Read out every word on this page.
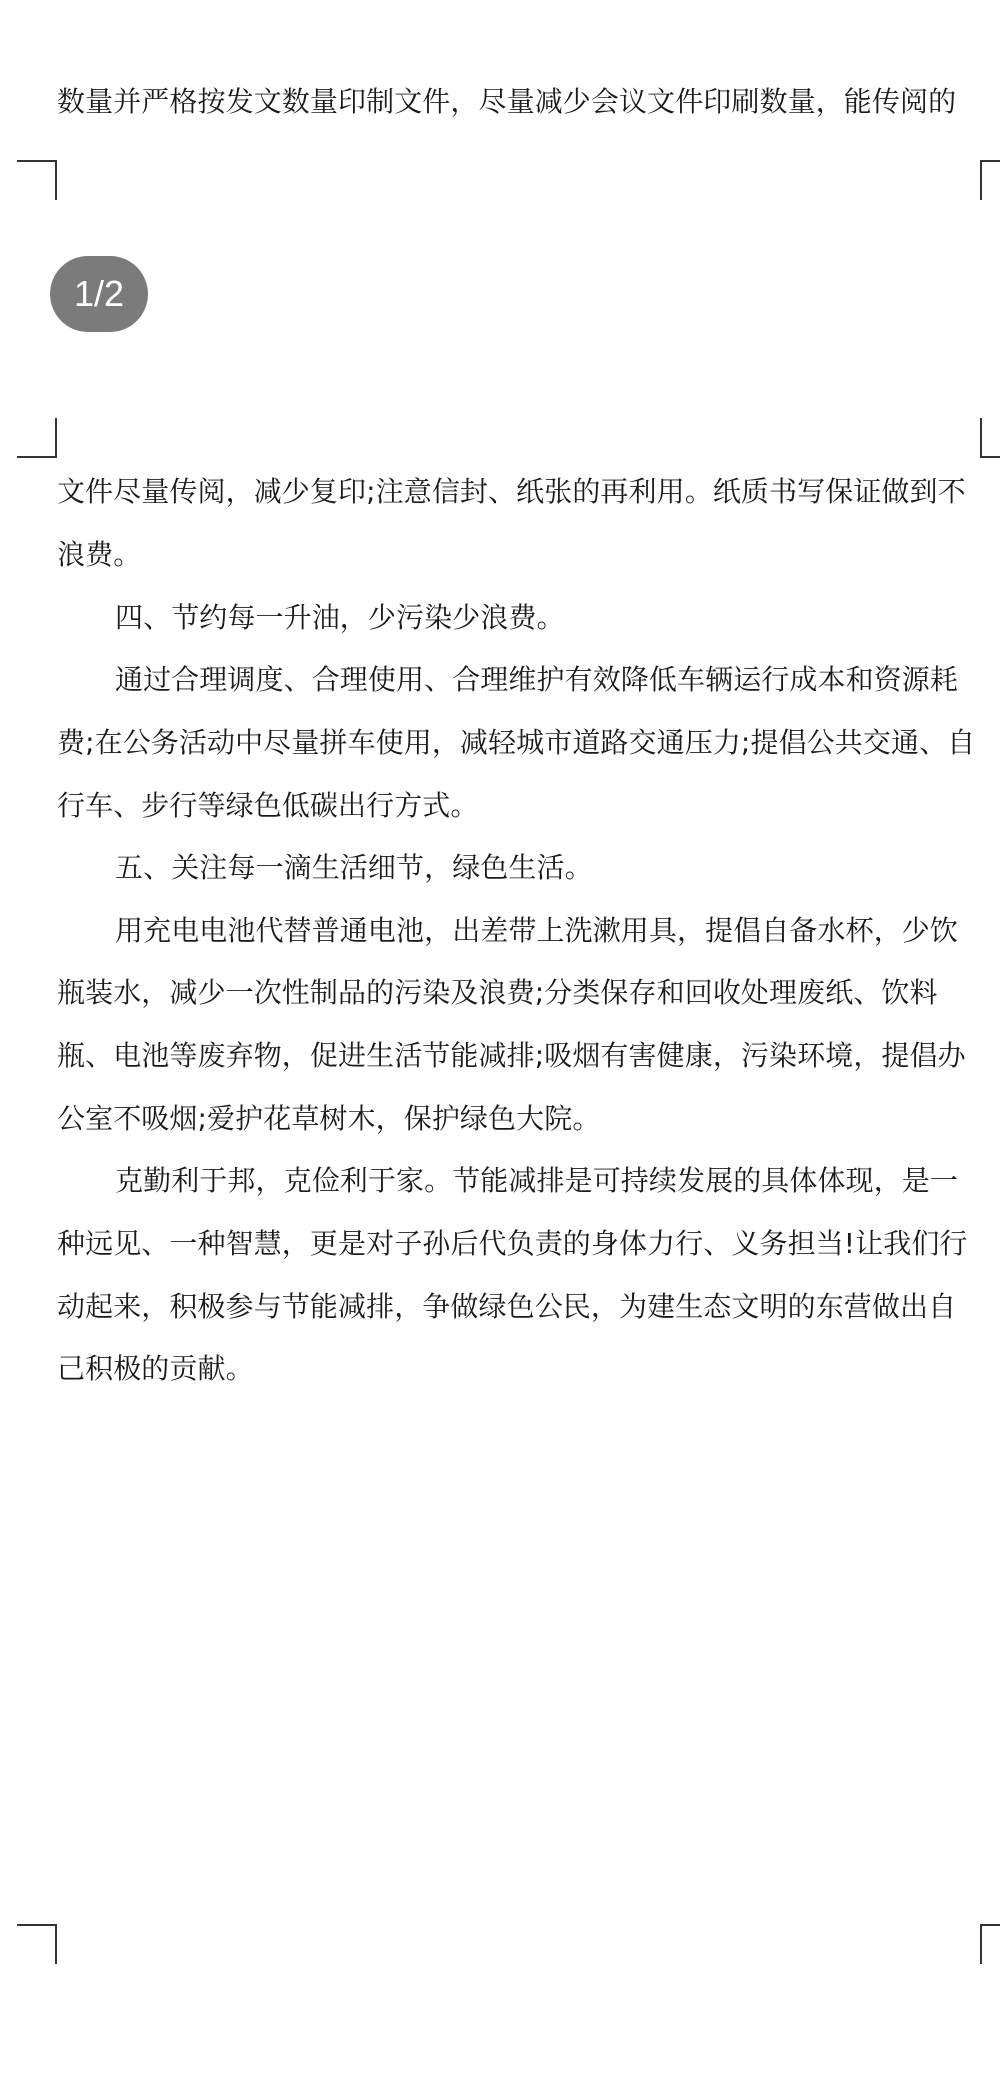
数量并严格按发文数量印制文件，尽量减少会议文件印刷数量，能传阅的
1/2
文件尽量传阅，减少复印;注意信封、纸张的再利用。纸质书写保证做到不
浪费。
四、节约每一升油，少污染少浪费。
通过合理调度、合理使用、合理维护有效降低车辆运行成本和资源耗
费;在公务活动中尽量拼车使用，减轻城市道路交通压力;提倡公共交通、自
行车、步行等绿色低碳出行方式。
五、关注每一滴生活细节，绿色生活。
用充电电池代替普通电池，出差带上洗漱用具，提倡自备水杯，少饮
瓶装水，减少一次性制品的污染及浪费;分类保存和回收处理废纸、饮料
瓶、电池等废弃物，促进生活节能减排;吸烟有害健康，污染环境，提倡办
公室不吸烟;爱护花草树木，保护绿色大院。
克勤利于邦，克俭利于家。节能减排是可持续发展的具体体现，是一
种远见、一种智慧，更是对子孙后代负责的身体力行、义务担当!让我们行
动起来，积极参与节能减排，争做绿色公民，为建生态文明的东营做出自
己积极的贡献。
